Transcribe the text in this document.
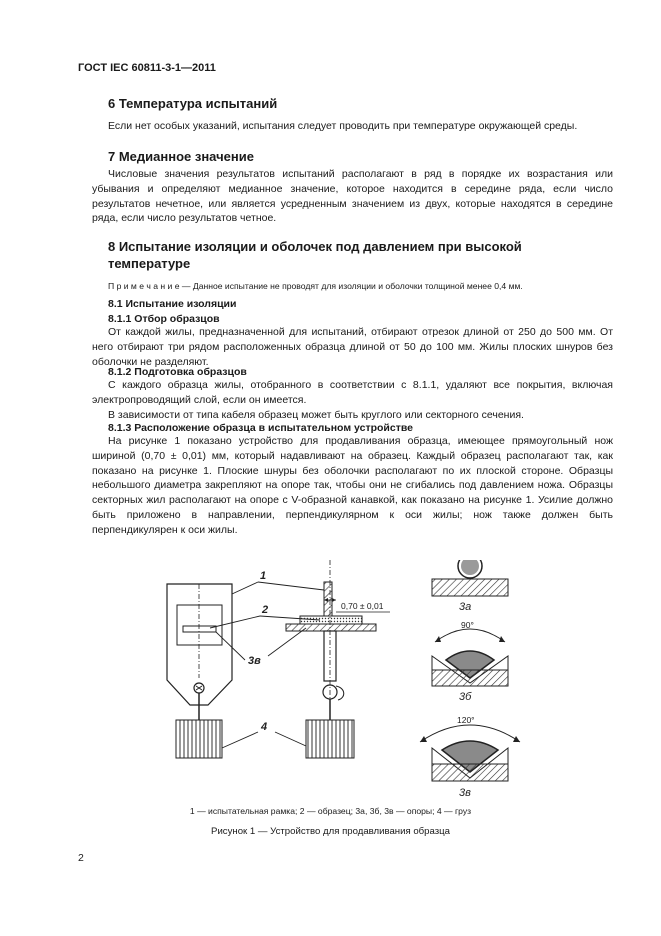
ГОСТ IEC 60811-3-1—2011
6 Температура испытаний
Если нет особых указаний, испытания следует проводить при температуре окружающей среды.
7 Медианное значение
Числовые значения результатов испытаний располагают в ряд в порядке их возрастания или убывания и определяют медианное значение, которое находится в середине ряда, если число результатов нечетное, или является усредненным значением из двух, которые находятся в середине ряда, если число результатов четное.
8 Испытание изоляции и оболочек под давлением при высокой
температуре
П р и м е ч а н и е — Данное испытание не проводят для изоляции и оболочки толщиной менее 0,4 мм.
8.1 Испытание изоляции
8.1.1 Отбор образцов
От каждой жилы, предназначенной для испытаний, отбирают отрезок длиной от 250 до 500 мм. От него отбирают три рядом расположенных образца длиной от 50 до 100 мм. Жилы плоских шнуров без оболочки не разделяют.
8.1.2 Подготовка образцов
С каждого образца жилы, отобранного в соответствии с 8.1.1, удаляют все покрытия, включая электропроводящий слой, если он имеется.
В зависимости от типа кабеля образец может быть круглого или секторного сечения.
8.1.3 Расположение образца в испытательном устройстве
На рисунке 1 показано устройство для продавливания образца, имеющее прямоугольный нож шириной (0,70 ± 0,01) мм, который надавливают на образец. Каждый образец располагают так, как показано на рисунке 1. Плоские шнуры без оболочки располагают по их плоской стороне. Образцы небольшого диаметра закрепляют на опоре так, чтобы они не сгибались под давлением ножа. Образцы секторных жил располагают на опоре с V-образной канавкой, как показано на рисунке 1. Усилие должно быть приложено в направлении, перпендикулярном к оси жилы; нож также должен быть перпендикулярен к оси жилы.
0,70 ± 0,01
1
2
3в
4
3а
90°
3б
120°
3в
1 — испытательная рамка; 2 — образец; 3а, 3б, 3в — опоры; 4 — груз
Рисунок 1 — Устройство для продавливания образца
2
